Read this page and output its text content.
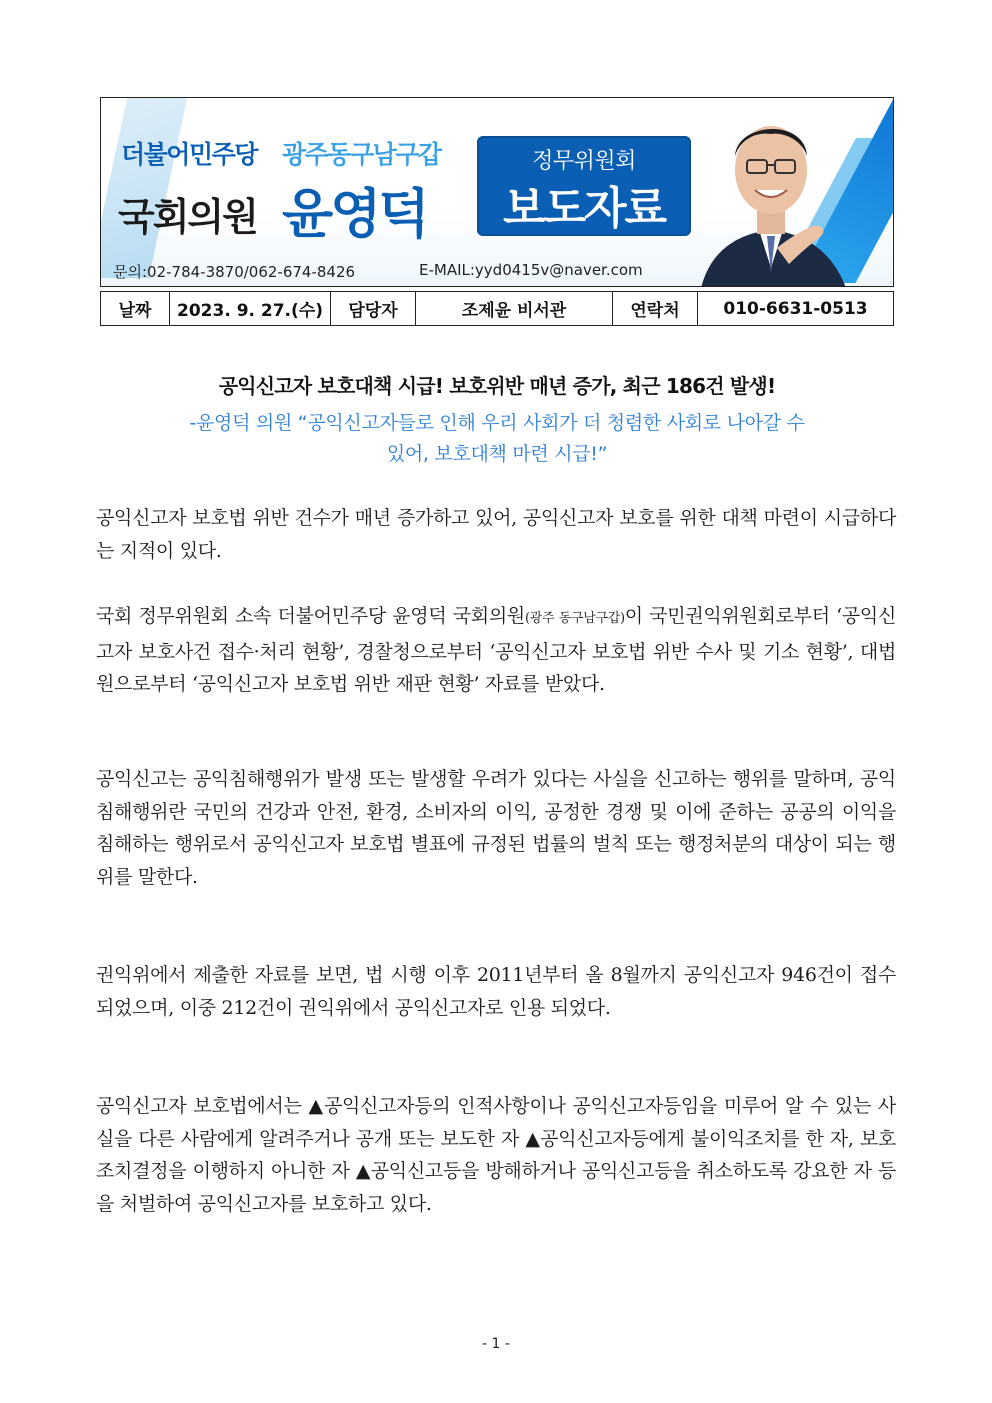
더불어민주당 광주동구남구갑
국회의원 윤영덕
정무위원회
보도자료
문의:02-784-3870/062-674-8426	E-MAIL:yyd0415v@naver.com
날짜	2023. 9. 27.(수)	담당자	조제윤 비서관	연락처	010-6631-0513
공익신고자 보호대책 시급! 보호위반 매년 증가, 최근 186건 발생!
-윤영덕 의원 “공익신고자들로 인해 우리 사회가 더 청렴한 사회로 나아갈 수
있어, 보호대책 마련 시급!”

공익신고자 보호법 위반 건수가 매년 증가하고 있어, 공익신고자 보호를 위한 대책 마련이 시급하다는 지적이 있다.

국회 정무위원회 소속 더불어민주당 윤영덕 국회의원(광주 동구남구갑)이 국민권익위원회로부터 ‘공익신고자 보호사건 접수·처리 현황’, 경찰청으로부터 ‘공익신고자 보호법 위반 수사 및 기소 현황’, 대법원으로부터 ‘공익신고자 보호법 위반 재판 현황’ 자료를 받았다.

공익신고는 공익침해행위가 발생 또는 발생할 우려가 있다는 사실을 신고하는 행위를 말하며, 공익침해행위란 국민의 건강과 안전, 환경, 소비자의 이익, 공정한 경쟁 및 이에 준하는 공공의 이익을 침해하는 행위로서 공익신고자 보호법 별표에 규정된 법률의 벌칙 또는 행정처분의 대상이 되는 행위를 말한다.

권익위에서 제출한 자료를 보면, 법 시행 이후 2011년부터 올 8월까지 공익신고자 946건이 접수되었으며, 이중 212건이 권익위에서 공익신고자로 인용 되었다.

공익신고자 보호법에서는 ▲공익신고자등의 인적사항이나 공익신고자등임을 미루어 알 수 있는 사실을 다른 사람에게 알려주거나 공개 또는 보도한 자 ▲공익신고자등에게 불이익조치를 한 자, 보호조치결정을 이행하지 아니한 자 ▲공익신고등을 방해하거나 공익신고등을 취소하도록 강요한 자 등을 처벌하여 공익신고자를 보호하고 있다.

- 1 -
